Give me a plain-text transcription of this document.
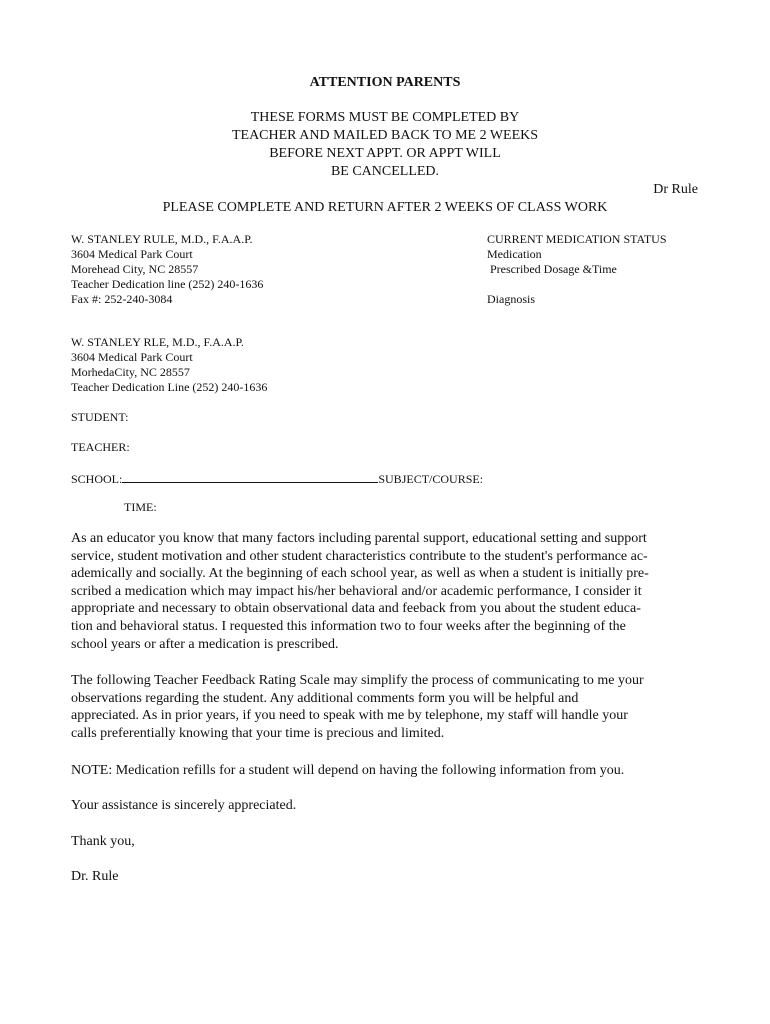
ATTENTION PARENTS
THESE FORMS MUST BE COMPLETED BY
TEACHER AND MAILED BACK TO ME 2 WEEKS
BEFORE NEXT APPT. OR APPT WILL
BE CANCELLED.
Dr Rule
PLEASE COMPLETE AND RETURN AFTER 2 WEEKS OF CLASS WORK
W. STANLEY RULE, M.D., F.A.A.P.
3604 Medical Park Court
Morehead City, NC 28557
Teacher Dedication line (252) 240-1636
Fax #: 252-240-3084
CURRENT MEDICATION STATUS
Medication
Prescribed Dosage &Time
Diagnosis
W. STANLEY RLE, M.D., F.A.A.P.
3604 Medical Park Court
MorhedaCity, NC 28557
Teacher Dedication Line (252) 240-1636
STUDENT:
TEACHER:
SCHOOL:	SUBJECT/COURSE:
TIME:
As an educator you know that many factors including parental support, educational setting and support
service, student motivation and other student characteristics contribute to the student's performance ac-
ademically and socially. At the beginning of each school year, as well as when a student is initially pre-
scribed a medication which may impact his/her behavioral and/or academic performance, I consider it
appropriate and necessary to obtain observational data and feeback from you about the student educa-
tion and behavioral status. I requested this information two to four weeks after the beginning of the
school years or after a medication is prescribed.
The following Teacher Feedback Rating Scale may simplify the process of communicating to me your
observations regarding the student. Any additional comments form you will be helpful and
appreciated. As in prior years, if you need to speak with me by telephone, my staff will handle your
calls preferentially knowing that your time is precious and limited.
NOTE: Medication refills for a student will depend on having the following information from you.
Your assistance is sincerely appreciated.
Thank you,
Dr. Rule
